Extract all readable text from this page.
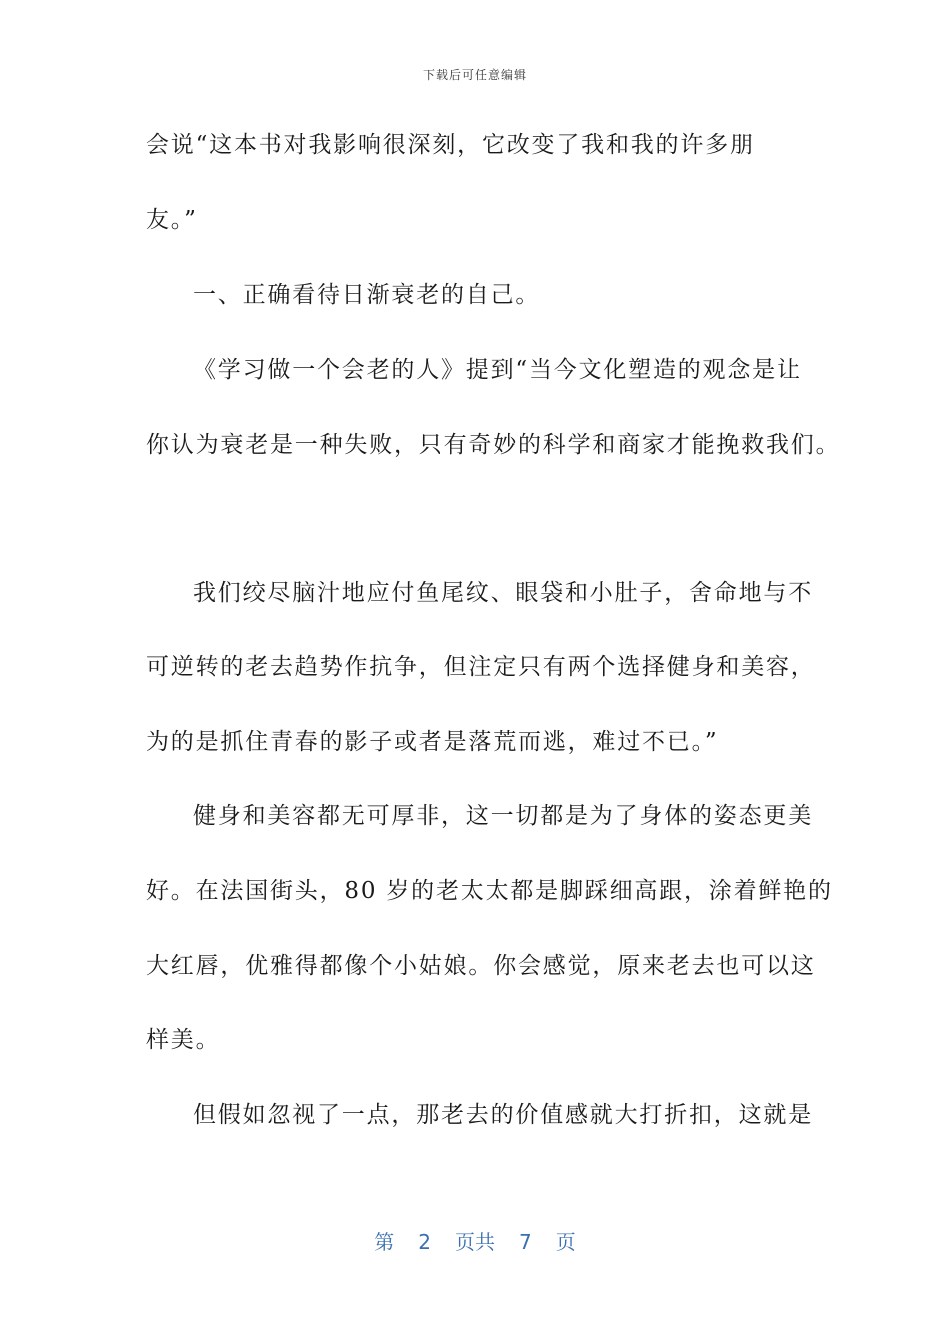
下载后可任意编辑
会说“这本书对我影响很深刻，它改变了我和我的许多朋
友。”
一、正确看待日渐衰老的自己。
《学习做一个会老的人》提到“当今文化塑造的观念是让
你认为衰老是一种失败，只有奇妙的科学和商家才能挽救我们。
我们绞尽脑汁地应付鱼尾纹、眼袋和小肚子，舍命地与不
可逆转的老去趋势作抗争，但注定只有两个选择健身和美容，
为的是抓住青春的影子或者是落荒而逃，难过不已。”
健身和美容都无可厚非，这一切都是为了身体的姿态更美
好。在法国街头，80 岁的老太太都是脚踩细高跟，涂着鲜艳的
大红唇，优雅得都像个小姑娘。你会感觉，原来老去也可以这
样美。
但假如忽视了一点，那老去的价值感就大打折扣，这就是
第 2 页共 7 页
